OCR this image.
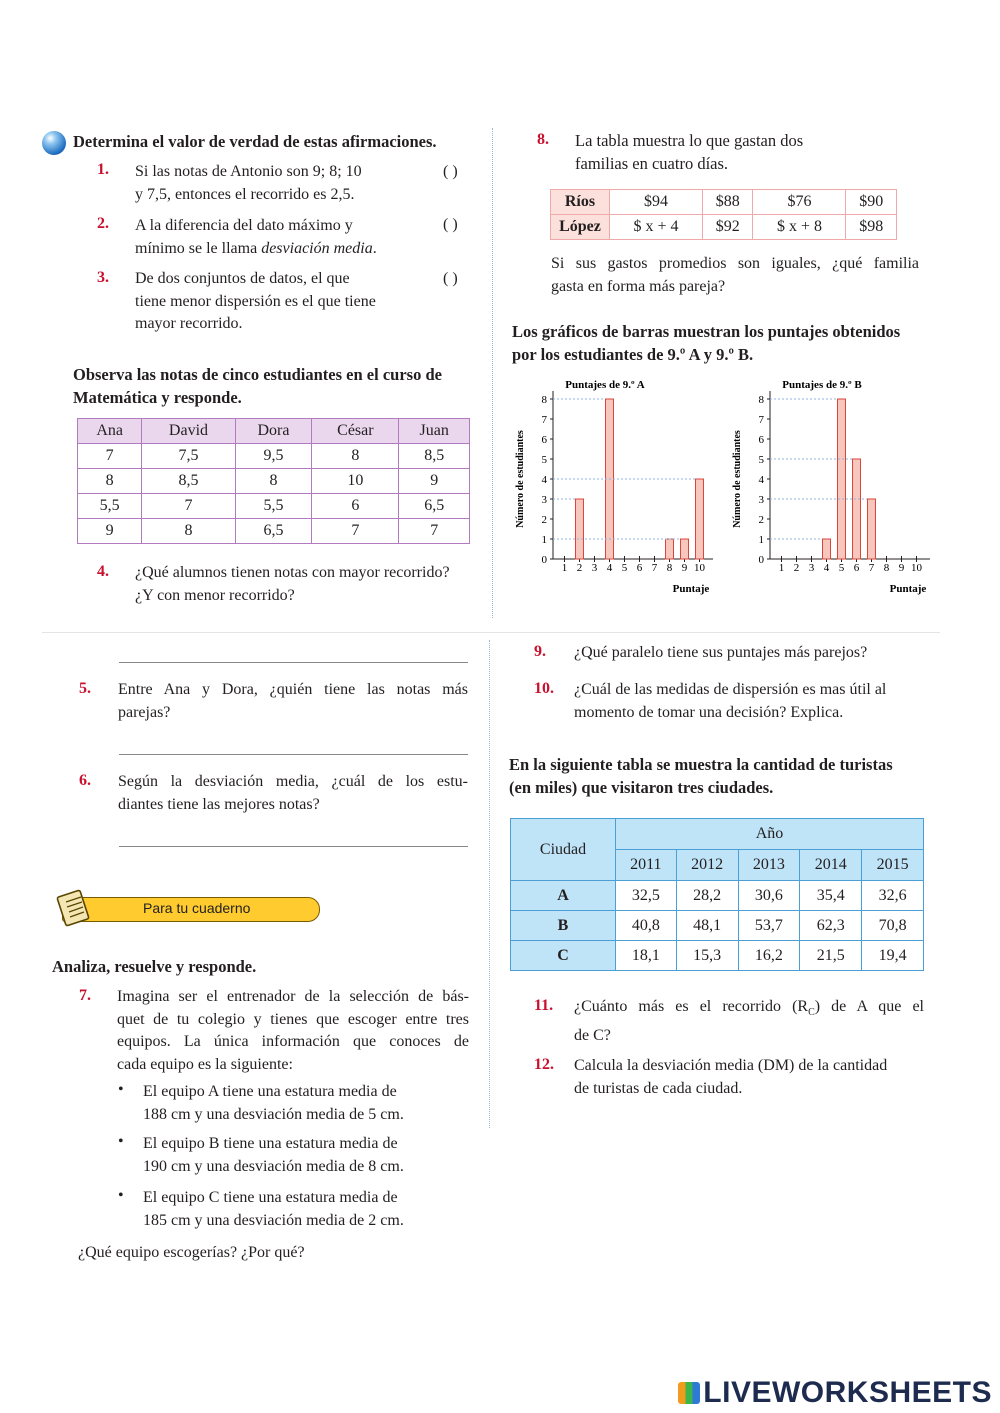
Determina el valor de verdad de estas afirmaciones.
1. Si las notas de Antonio son 9; 8; 10
y 7,5, entonces el recorrido es 2,5.
( )
2. A la diferencia del dato máximo y
mínimo se le llama desviación media.
( )
3. De dos conjuntos de datos, el que
tiene menor dispersión es el que tiene
mayor recorrido.
( )
Observa las notas de cinco estudiantes en el curso de
Matemática y responde.
Ana	David	Dora	César	Juan
7	7,5	9,5	8	8,5
8	8,5	8	10	9
5,5	7	5,5	6	6,5
9	8	6,5	7	7
4. ¿Qué alumnos tienen notas con mayor recorrido?
¿Y con menor recorrido?
8. La tabla muestra lo que gastan dos
familias en cuatro días.
Ríos	$94	$88	$76	$90
López	$ x + 4	$92	$ x + 8	$98
Si sus gastos promedios son iguales, ¿qué familia
gasta en forma más pareja?
Los gráficos de barras muestran los puntajes obtenidos
por los estudiantes de 9.º A y 9.º B.
Puntajes de 9.º A
Número de estudiantes
Puntaje
0
1
2
3
4
5
6
7
8
1 2 3 4 5 6 7 8 9 10
Puntajes de 9.º B
Número de estudiantes
Puntaje
0
1
2
3
4
5
6
7
8
1 2 3 4 5 6 7 8 9 10
5. Entre Ana y Dora, ¿quién tiene las notas más
parejas?
6. Según la desviación media, ¿cuál de los estu-
diantes tiene las mejores notas?
Para tu cuaderno
Analiza, resuelve y responde.
7. Imagina ser el entrenador de la selección de bás-
quet de tu colegio y tienes que escoger entre tres
equipos. La única información que conoces de
cada equipo es la siguiente:
• El equipo A tiene una estatura media de
188 cm y una desviación media de 5 cm.
• El equipo B tiene una estatura media de
190 cm y una desviación media de 8 cm.
• El equipo C tiene una estatura media de
185 cm y una desviación media de 2 cm.
¿Qué equipo escogerías? ¿Por qué?
9. ¿Qué paralelo tiene sus puntajes más parejos?
10. ¿Cuál de las medidas de dispersión es mas útil al
momento de tomar una decisión? Explica.
En la siguiente tabla se muestra la cantidad de turistas
(en miles) que visitaron tres ciudades.
Ciudad	Año				
	2011	2012	2013	2014	2015
A	32,5	28,2	30,6	35,4	32,6
B	40,8	48,1	53,7	62,3	70,8
C	18,1	15,3	16,2	21,5	19,4
11. ¿Cuánto más es el recorrido $(R_C)$ de A que el
de C?
12. Calcula la desviación media (DM) de la cantidad
de turistas de cada ciudad.
LIVEWORKSHEETS
